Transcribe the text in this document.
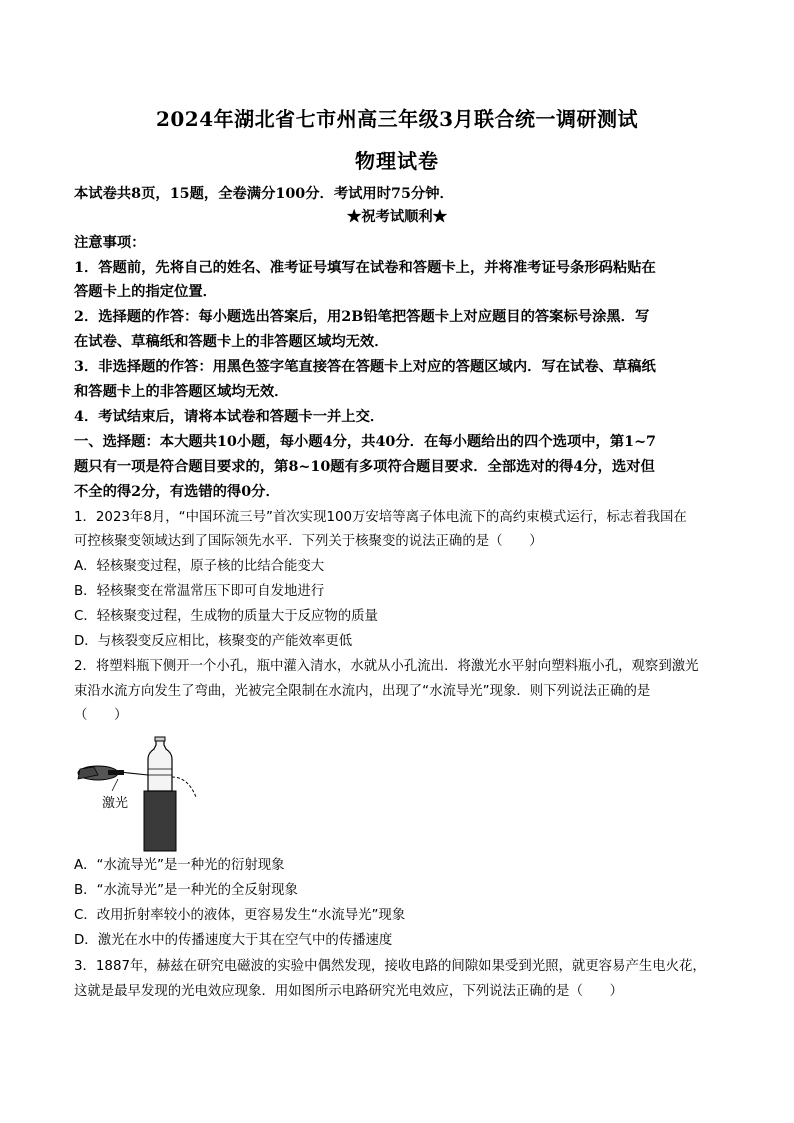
2024年湖北省七市州高三年级3月联合统一调研测试
物理试卷
本试卷共8页，15题，全卷满分100分．考试用时75分钟．
★祝考试顺利★
注意事项：
1．答题前，先将自己的姓名、准考证号填写在试卷和答题卡上，并将准考证号条形码粘贴在
答题卡上的指定位置．
2．选择题的作答：每小题选出答案后，用2B铅笔把答题卡上对应题目的答案标号涂黑．写
在试卷、草稿纸和答题卡上的非答题区域均无效．
3．非选择题的作答：用黑色签字笔直接答在答题卡上对应的答题区域内．写在试卷、草稿纸
和答题卡上的非答题区域均无效．
4．考试结束后，请将本试卷和答题卡一并上交．
一、选择题：本大题共10小题，每小题4分，共40分．在每小题给出的四个选项中，第1~7
题只有一项是符合题目要求的，第8~10题有多项符合题目要求．全部选对的得4分，选对但
不全的得2分，有选错的得0分．
1．2023年8月，“中国环流三号”首次实现100万安培等离子体电流下的高约束模式运行，标志着我国在
可控核聚变领域达到了国际领先水平．下列关于核聚变的说法正确的是（　　）
A．轻核聚变过程，原子核的比结合能变大
B．轻核聚变在常温常压下即可自发地进行
C．轻核聚变过程，生成物的质量大于反应物的质量
D．与核裂变反应相比，核聚变的产能效率更低
2．将塑料瓶下侧开一个小孔，瓶中灌入清水，水就从小孔流出．将激光水平射向塑料瓶小孔，观察到激光
束沿水流方向发生了弯曲，光被完全限制在水流内，出现了“水流导光”现象．则下列说法正确的是
（　　）
激光
A．“水流导光”是一种光的衍射现象
B．“水流导光”是一种光的全反射现象
C．改用折射率较小的液体，更容易发生“水流导光”现象
D．激光在水中的传播速度大于其在空气中的传播速度
3．1887年，赫兹在研究电磁波的实验中偶然发现，接收电路的间隙如果受到光照，就更容易产生电火花，
这就是最早发现的光电效应现象．用如图所示电路研究光电效应，下列说法正确的是（　　）
